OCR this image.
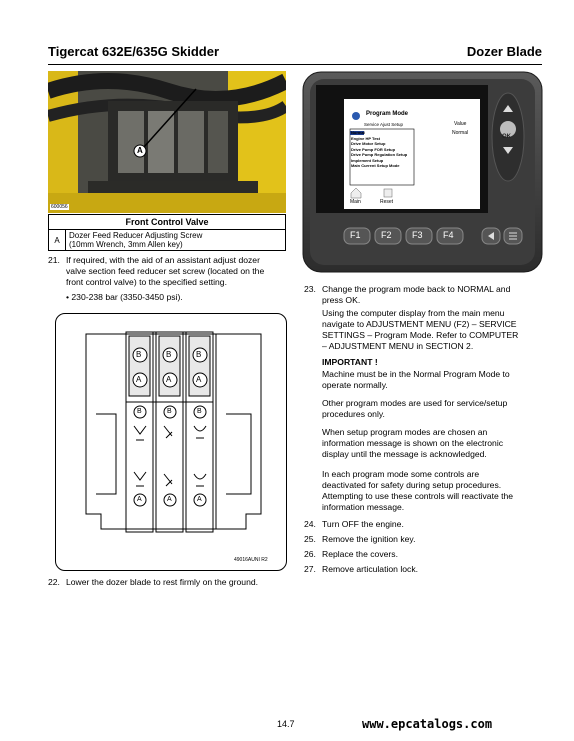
Tigercat 632E/635G Skidder	Dozer Blade
A
600056
Front Control Valve
A	Dozer Feed Reducer Adjusting Screw
(10mm Wrench, 3mm Allen key)
21. If required, with the aid of an assistant adjust dozer
valve section feed reducer set screw (located on the
front control valve) to the specified setting.
• 230-238 bar (3350-3450 psi).
B	B	B
A	A	A
B	B	B
A	A	A
49016AUNI R2
22. Lower the dozer blade to rest firmly on the ground.
Program Mode
Service Ajust Setup	Value
Normal
Normal
Engine HP Test
Drive Motor Setup
Drive Pump FOR Setup
Drive Pump Regulation Setup
Implement Setup
Main Current Setup Mode
Main	Reset
OK
F1 F2 F3 F4
23. Change the program mode back to NORMAL and
press OK.
Using the computer display from the main menu
navigate to ADJUSTMENT MENU (F2) – SERVICE
SETTINGS – Program Mode. Refer to COMPUTER
– ADJUSTMENT MENU in SECTION 2.
IMPORTANT !
Machine must be in the Normal Program Mode to
operate normally.
Other program modes are used for service/setup
procedures only.
When setup program modes are chosen an
information message is shown on the electronic
display until the message is acknowledged.
In each program mode some controls are
deactivated for safety during setup procedures.
Attempting to use these controls will reactivate the
information message.
24. Turn OFF the engine.
25. Remove the ignition key.
26. Replace the covers.
27. Remove articulation lock.
14.7	www.epcatalogs.com
